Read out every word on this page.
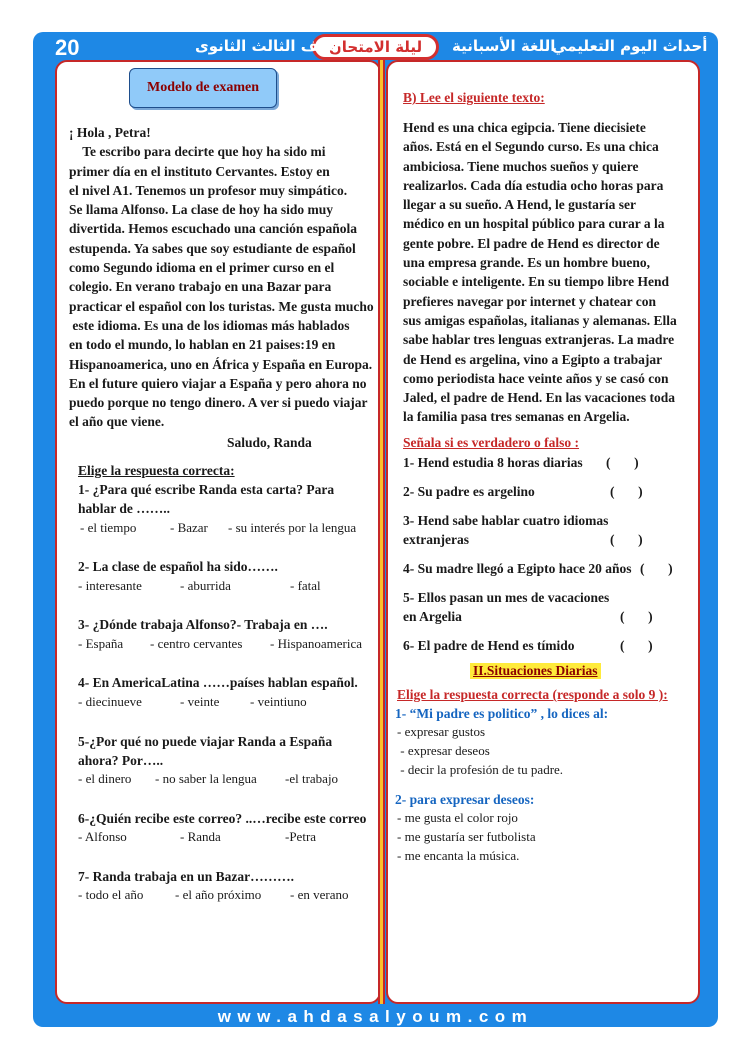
20	أحداث اليوم التعليمي
اللغة الأسبانية
ليلة الامتحان
الصف الثالث الثانوى
Modelo de examen
¡ Hola , Petra!
Te escribo para decirte que hoy ha sido mi
primer día en el instituto Cervantes. Estoy en
el nivel A1. Tenemos un profesor muy simpático.
Se llama Alfonso. La clase de hoy ha sido muy
divertida. Hemos escuchado una canción española
estupenda. Ya sabes que soy estudiante de español
como Segundo idioma en el primer curso en el
colegio. En verano trabajo en una Bazar para
practicar el español con los turistas. Me gusta mucho
este idioma. Es una de los idiomas más hablados
en todo el mundo, lo hablan en 21 paises:19 en
Hispanoamerica, uno en África y España en Europa.
En el future quiero viajar a España y pero ahora no
puedo porque no tengo dinero. A ver si puedo viajar
el año que viene.
Saludo, Randa
Elige la respuesta correcta:
1- ¿Para qué escribe Randa esta carta? Para
hablar de ……..
- el tiempo	- Bazar - su interés por la lengua
2- La clase de español ha sido…….
- interesante	- aburrida	- fatal
3- ¿Dónde trabaja Alfonso?- Trabaja en ….
- España - centro cervantes - Hispanoamerica
4- En AmericaLatina ……países hablan español.
- diecinueve	- veinte - veintiuno
5-¿Por qué no puede viajar Randa a España
ahora? Por…..
- el dinero - no saber la lengua -el trabajo
6-¿Quién recibe este correo? ..…recibe este correo
- Alfonso	- Randa	-Petra
7- Randa trabaja en un Bazar……….
- todo el año - el año próximo - en verano
B) Lee el siguiente texto:
Hend es una chica egipcia. Tiene diecisiete
años. Está en el Segundo curso. Es una chica
ambiciosa. Tiene muchos sueños y quiere
realizarlos. Cada día estudia ocho horas para
llegar a su sueño. A Hend, le gustaría ser
médico en un hospital público para curar a la
gente pobre. El padre de Hend es director de
una empresa grande. Es un hombre bueno,
sociable e inteligente. En su tiempo libre Hend
prefieres navegar por internet y chatear con
sus amigas españolas, italianas y alemanas. Ella
sabe hablar tres lenguas extranjeras. La madre
de Hend es argelina, vino a Egipto a trabajar
como periodista hace veinte años y se casó con
Jaled, el padre de Hend. En las vacaciones toda
la familia pasa tres semanas en Argelia.
Señala si es verdadero o falso :
1- Hend estudia 8 horas diarias (       )
2- Su padre es argelino	(       )
3- Hend sabe hablar cuatro idiomas
extranjeras	(       )
4- Su madre llegó a Egipto hace 20 años (       )
5- Ellos pasan un mes de vacaciones
en Argelia	(       )
6- El padre de Hend es tímido	(       )
II.Situaciones Diarias
Elige la respuesta correcta (responde a solo 9 ):
1- “Mi padre es politico” , lo dices al:
- expresar gustos
- expresar deseos
- decir la profesión de tu padre.
2- para expresar deseos:
- me gusta el color rojo
- me gustaría ser futbolista
- me encanta la música.
www.ahdasalyoum.com
